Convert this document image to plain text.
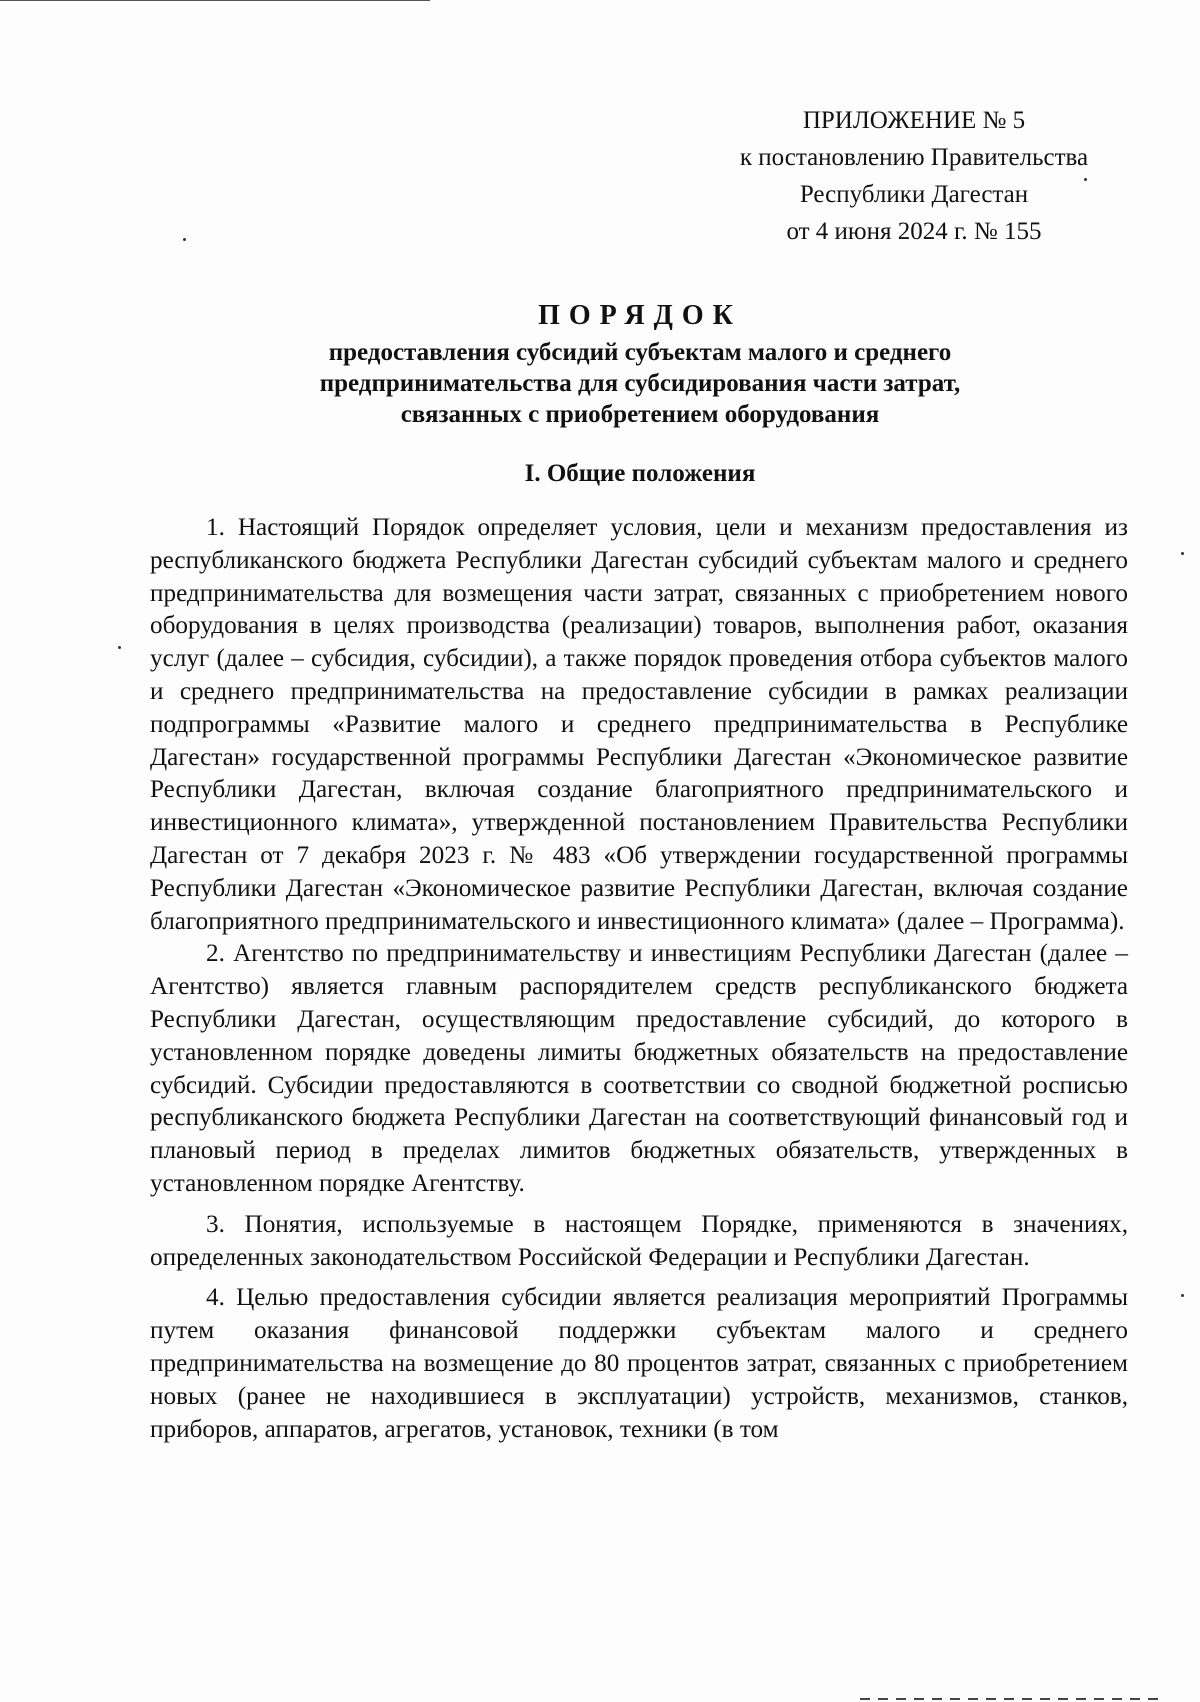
ПРИЛОЖЕНИЕ № 5
к постановлению Правительства
Республики Дагестан
от 4 июня 2024 г. № 155
ПОРЯДОК
предоставления субсидий субъектам малого и среднего
предпринимательства для субсидирования части затрат,
связанных с приобретением оборудования
I. Общие положения

1. Настоящий Порядок определяет условия, цели и механизм предоставления из республиканского бюджета Республики Дагестан субсидий субъектам малого и среднего предпринимательства для возмещения части затрат, связанных с приобретением нового оборудования в целях производства (реализации) товаров, выполнения работ, оказания услуг (далее – субсидия, субсидии), а также порядок проведения отбора субъектов малого и среднего предпринимательства на предоставление субсидии в рамках реализации подпрограммы «Развитие малого и среднего предпринимательства в Республике Дагестан» государственной программы Республики Дагестан «Экономическое развитие Республики Дагестан, включая создание благоприятного предпринимательского и инвестиционного климата», утвержденной постановлением Правительства Республики Дагестан от 7 декабря 2023 г. № 483 «Об утверждении государственной программы Республики Дагестан «Экономическое развитие Республики Дагестан, включая создание благоприятного предпринимательского и инвестиционного климата» (далее – Программа).

2. Агентство по предпринимательству и инвестициям Республики Дагестан (далее – Агентство) является главным распорядителем средств республиканского бюджета Республики Дагестан, осуществляющим предоставление субсидий, до которого в установленном порядке доведены лимиты бюджетных обязательств на предоставление субсидий. Субсидии предоставляются в соответствии со сводной бюджетной росписью республиканского бюджета Республики Дагестан на соответствующий финансовый год и плановый период в пределах лимитов бюджетных обязательств, утвержденных в установленном порядке Агентству.

3. Понятия, используемые в настоящем Порядке, применяются в значениях, определенных законодательством Российской Федерации и Республики Дагестан.

4. Целью предоставления субсидии является реализация мероприятий Программы путем оказания финансовой поддержки субъектам малого и среднего предпринимательства на возмещение до 80 процентов затрат, связанных с приобретением новых (ранее не находившиеся в эксплуатации) устройств, механизмов, станков, приборов, аппаратов, агрегатов, установок, техники (в том
